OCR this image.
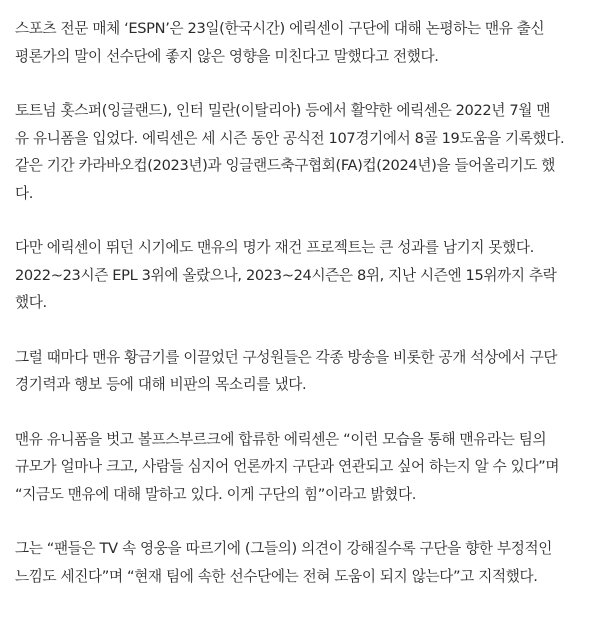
스포츠 전문 매체 ‘ESPN’은 23일(한국시간) 에릭센이 구단에 대해 논평하는 맨유 출신
평론가의 말이 선수단에 좋지 않은 영향을 미친다고 말했다고 전했다.

토트넘 홋스퍼(잉글랜드), 인터 밀란(이탈리아) 등에서 활약한 에릭센은 2022년 7월 맨
유 유니폼을 입었다. 에릭센은 세 시즌 동안 공식전 107경기에서 8골 19도움을 기록했다.
같은 기간 카라바오컵(2023년)과 잉글랜드축구협회(FA)컵(2024년)을 들어올리기도 했
다.

다만 에릭센이 뛰던 시기에도 맨유의 명가 재건 프로젝트는 큰 성과를 남기지 못했다.
2022~23시즌 EPL 3위에 올랐으나, 2023~24시즌은 8위, 지난 시즌엔 15위까지 추락
했다.

그럴 때마다 맨유 황금기를 이끌었던 구성원들은 각종 방송을 비롯한 공개 석상에서 구단
경기력과 행보 등에 대해 비판의 목소리를 냈다.

맨유 유니폼을 벗고 볼프스부르크에 합류한 에릭센은 “이런 모습을 통해 맨유라는 팀의
규모가 얼마나 크고, 사람들 심지어 언론까지 구단과 연관되고 싶어 하는지 알 수 있다”며
“지금도 맨유에 대해 말하고 있다. 이게 구단의 힘”이라고 밝혔다.

그는 “팬들은 TV 속 영웅을 따르기에 (그들의) 의견이 강해질수록 구단을 향한 부정적인
느낌도 세진다”며 “현재 팀에 속한 선수단에는 전혀 도움이 되지 않는다”고 지적했다.
